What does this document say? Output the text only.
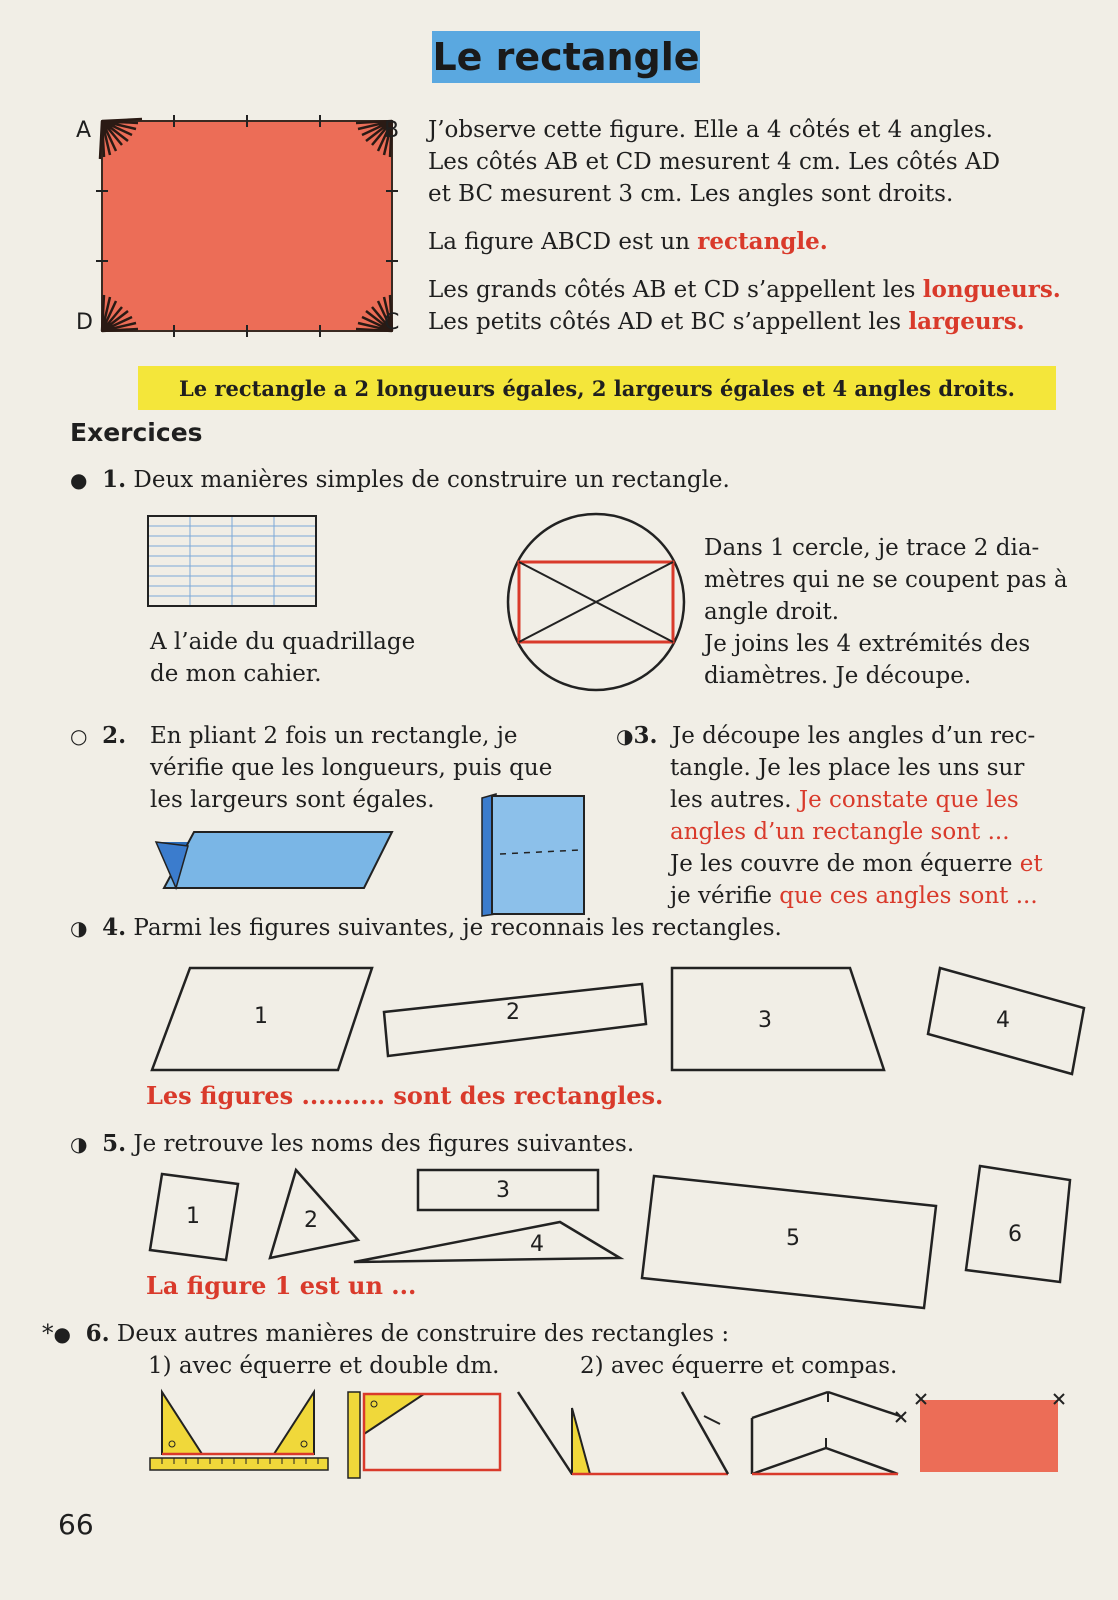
Le rectangle
A	B
C
D
J’observe cette figure. Elle a 4 côtés et 4 angles.
Les côtés AB et CD mesurent 4 cm. Les côtés AD
et BC mesurent 3 cm. Les angles sont droits.
La figure ABCD est un rectangle.
Les grands côtés AB et CD s’appellent les longueurs.
Les petits côtés AD et BC s’appellent les largeurs.
Le rectangle a 2 longueurs égales, 2 largeurs égales et 4 angles droits.
Exercices
● 1. Deux manières simples de construire un rectangle.
A l’aide du quadrillage
de mon cahier.
Dans 1 cercle, je trace 2 dia-
mètres qui ne se coupent pas à
angle droit.
Je joins les 4 extrémités des
diamètres. Je découpe.
○ 2. En pliant 2 fois un rectangle, je
vérifie que les longueurs, puis que
les largeurs sont égales.
◑3. Je découpe les angles d’un rec-
tangle. Je les place les uns sur
les autres. Je constate que les
angles d’un rectangle sont ...
Je les couvre de mon équerre et
je vérifie que ces angles sont ...
◑ 4. Parmi les figures suivantes, je reconnais les rectangles.
1	2	3	4
Les figures .......... sont des rectangles.
◑ 5. Je retrouve les noms des figures suivantes.
1	2
3
4	5	6
La figure 1 est un ...
*● 6. Deux autres manières de construire des rectangles :
1) avec équerre et double dm.	2) avec équerre et compas.
66
